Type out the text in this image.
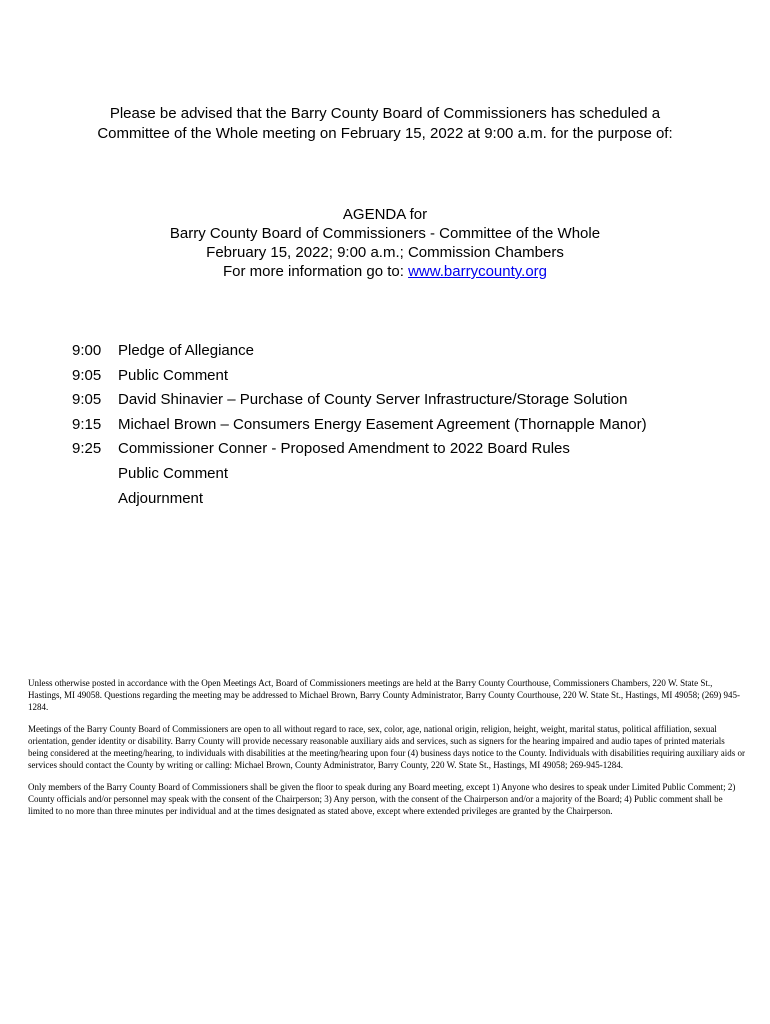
Please be advised that the Barry County Board of Commissioners has scheduled a
Committee of the Whole meeting on February 15, 2022 at 9:00 a.m. for the purpose of:
AGENDA for
Barry County Board of Commissioners - Committee of the Whole
February 15, 2022; 9:00 a.m.; Commission Chambers
For more information go to: www.barrycounty.org
9:00	Pledge of Allegiance
9:05	Public Comment
9:05	David Shinavier – Purchase of County Server Infrastructure/Storage Solution
9:15	Michael Brown – Consumers Energy Easement Agreement (Thornapple Manor)
9:25	Commissioner Conner - Proposed Amendment to 2022 Board Rules
Public Comment
Adjournment

Unless otherwise posted in accordance with the Open Meetings Act, Board of Commissioners meetings are held at the Barry County Courthouse, Commissioners Chambers, 220 W. State St., Hastings, MI 49058. Questions regarding the meeting may be addressed to Michael Brown, Barry County Administrator, Barry County Courthouse, 220 W. State St., Hastings, MI 49058; (269) 945-1284.

Meetings of the Barry County Board of Commissioners are open to all without regard to race, sex, color, age, national origin, religion, height, weight, marital status, political affiliation, sexual orientation, gender identity or disability. Barry County will provide necessary reasonable auxiliary aids and services, such as signers for the hearing impaired and audio tapes of printed materials being considered at the meeting/hearing, to individuals with disabilities at the meeting/hearing upon four (4) business days notice to the County. Individuals with disabilities requiring auxiliary aids or services should contact the County by writing or calling: Michael Brown, County Administrator, Barry County, 220 W. State St., Hastings, MI 49058; 269-945-1284.

Only members of the Barry County Board of Commissioners shall be given the floor to speak during any Board meeting, except 1) Anyone who desires to speak under Limited Public Comment; 2) County officials and/or personnel may speak with the consent of the Chairperson; 3) Any person, with the consent of the Chairperson and/or a majority of the Board; 4) Public comment shall be limited to no more than three minutes per individual and at the times designated as stated above, except where extended privileges are granted by the Chairperson.
